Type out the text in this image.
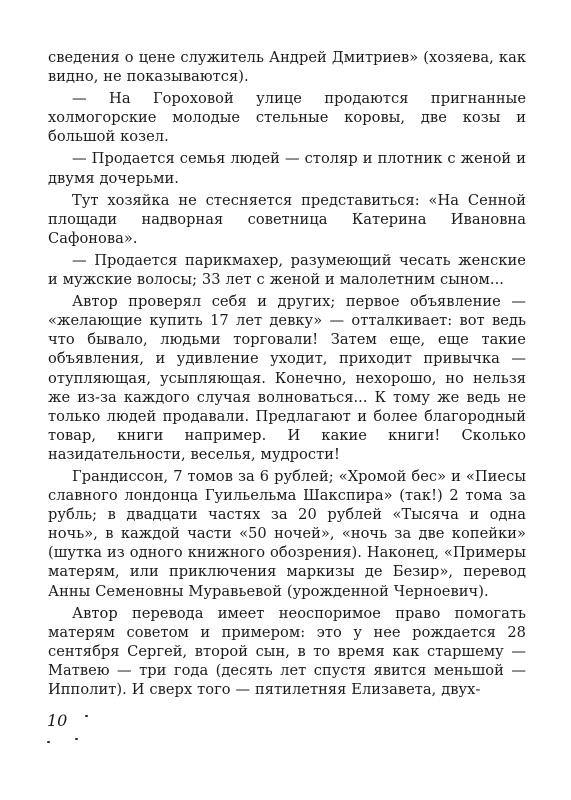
сведения о цене служитель Андрей Дмитриев» (хозяева, как видно, не показываются).

— На Гороховой улице продаются пригнанные холмогорские молодые стельные коровы, две козы и большой козел.

— Продается семья людей — столяр и плотник с женой и двумя дочерьми.

Тут хозяйка не стесняется представиться: «На Сенной площади надворная советница Катерина Ивановна Сафонова».

— Продается парикмахер, разумеющий чесать женские и мужские волосы; 33 лет с женой и малолетним сыном...

Автор проверял себя и других; первое объявление — «желающие купить 17 лет девку» — отталкивает: вот ведь что бывало, людьми торговали! Затем еще, еще такие объявления, и удивление уходит, приходит привычка — отупляющая, усыпляющая. Конечно, нехорошо, но нельзя же из-за каждого случая волноваться... К тому же ведь не только людей продавали. Предлагают и более благородный товар, книги например. И какие книги! Сколько назидательности, веселья, мудрости!

Грандиссон, 7 томов за 6 рублей; «Хромой бес» и «Пиесы славного лондонца Гуильельма Шакспира» (так!) 2 тома за рубль; в двадцати частях за 20 рублей «Тысяча и одна ночь», в каждой части «50 ночей», «ночь за две копейки» (шутка из одного книжного обозрения). Наконец, «Примеры матерям, или приключения маркизы де Безир», перевод Анны Семеновны Муравьевой (урожденной Черноевич).

Автор перевода имеет неоспоримое право помогать матерям советом и примером: это у нее рождается 28 сентября Сергей, второй сын, в то время как старшему — Матвею — три года (десять лет спустя явится меньшой — Ипполит). И сверх того — пятилетняя Елизавета, двух-

10
